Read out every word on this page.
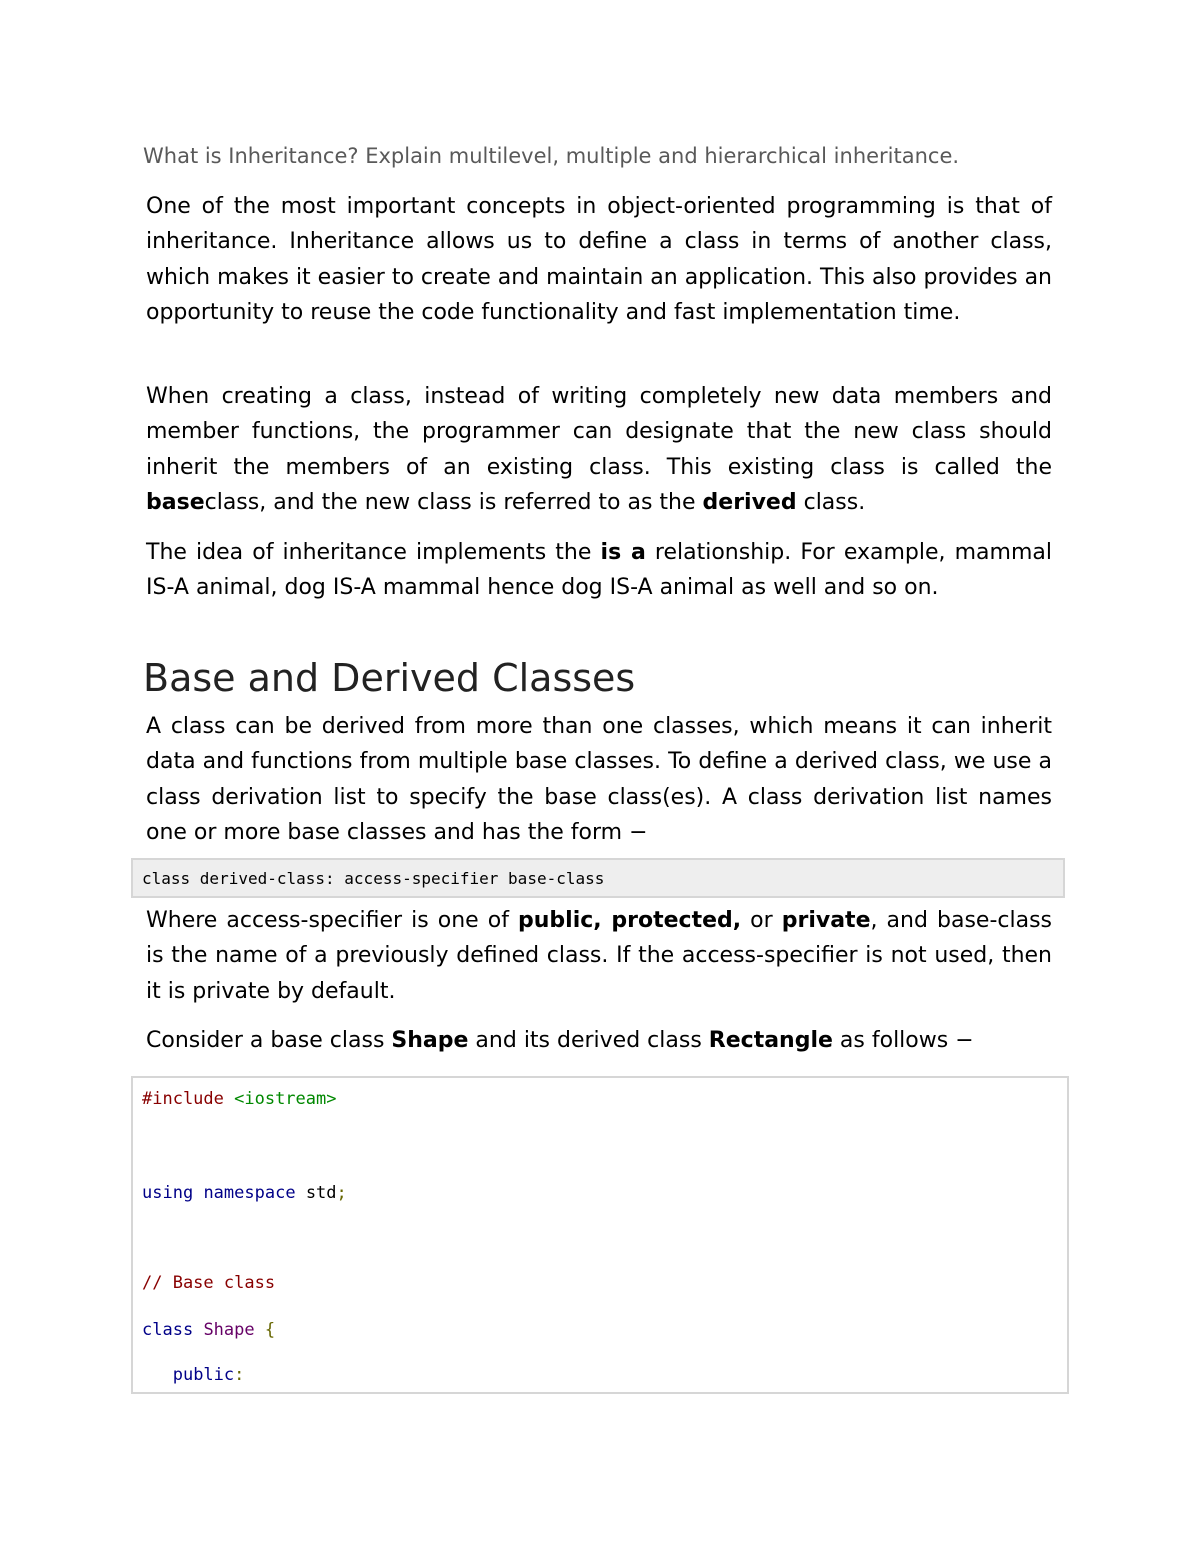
What is Inheritance? Explain multilevel, multiple and hierarchical inheritance.

One of the most important concepts in object-oriented programming is that of inheritance. Inheritance allows us to define a class in terms of another class, which makes it easier to create and maintain an application. This also provides an opportunity to reuse the code functionality and fast implementation time.

When creating a class, instead of writing completely new data members and member functions, the programmer can designate that the new class should inherit the members of an existing class. This existing class is called the baseclass, and the new class is referred to as the derived class.

The idea of inheritance implements the is a relationship. For example, mammal IS-A animal, dog IS-A mammal hence dog IS-A animal as well and so on.

Base and Derived Classes

A class can be derived from more than one classes, which means it can inherit data and functions from multiple base classes. To define a derived class, we use a class derivation list to specify the base class(es). A class derivation list names one or more base classes and has the form −

class derived-class: access-specifier base-class

Where access-specifier is one of public, protected, or private, and base-class is the name of a previously defined class. If the access-specifier is not used, then it is private by default.

Consider a base class Shape and its derived class Rectangle as follows −

#include <iostream>
using namespace std;
// Base class
class Shape {
public:
